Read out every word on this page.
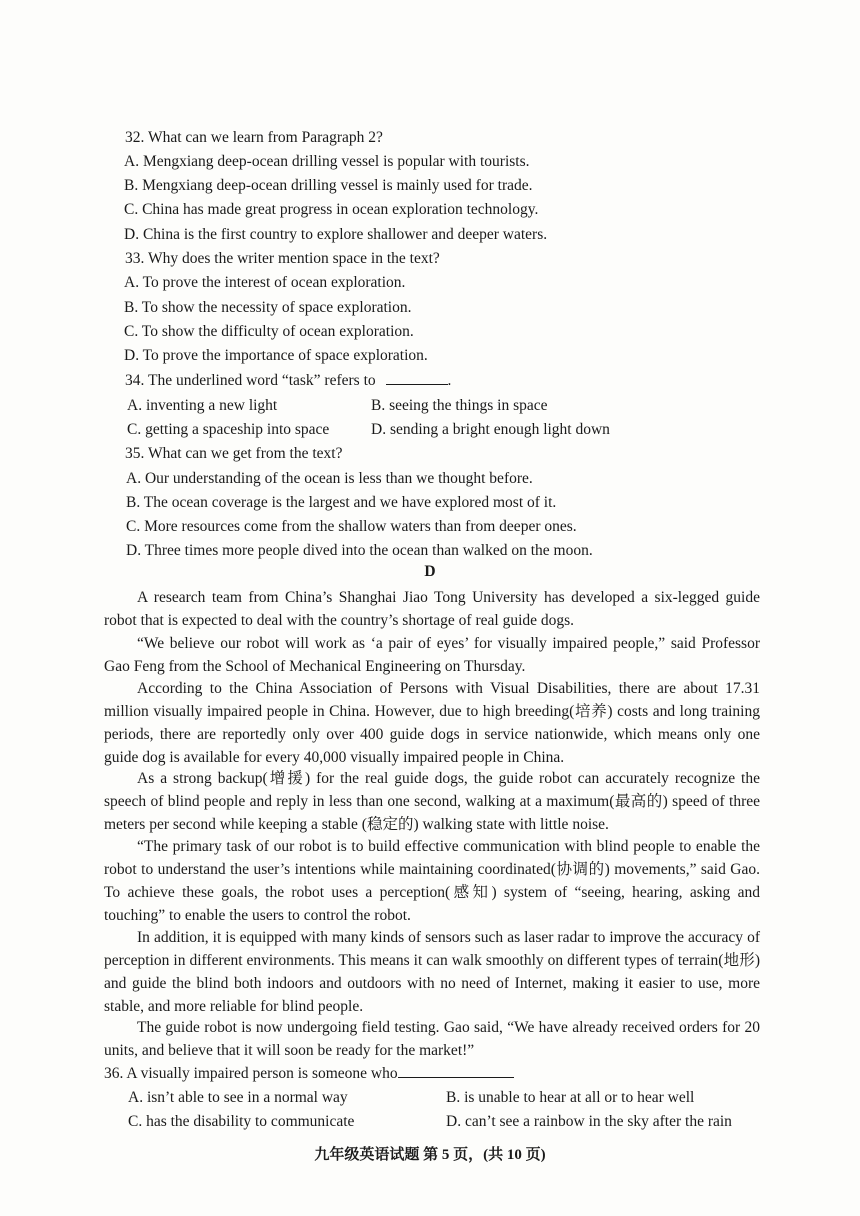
32. What can we learn from Paragraph 2?
A. Mengxiang deep-ocean drilling vessel is popular with tourists.
B. Mengxiang deep-ocean drilling vessel is mainly used for trade.
C. China has made great progress in ocean exploration technology.
D. China is the first country to explore shallower and deeper waters.
33. Why does the writer mention space in the text?
A. To prove the interest of ocean exploration.
B. To show the necessity of space exploration.
C. To show the difficulty of ocean exploration.
D. To prove the importance of space exploration.
34. The underlined word “task” refers to	.
A. inventing a new light	B. seeing the things in space
C. getting a spaceship into space	D. sending a bright enough light down
35. What can we get from the text?
A. Our understanding of the ocean is less than we thought before.
B. The ocean coverage is the largest and we have explored most of it.
C. More resources come from the shallow waters than from deeper ones.
D. Three times more people dived into the ocean than walked on the moon.
D
A research team from China’s Shanghai Jiao Tong University has developed a six-legged guide robot that is expected to deal with the country’s shortage of real guide dogs.
“We believe our robot will work as ‘a pair of eyes’ for visually impaired people,” said Professor Gao Feng from the School of Mechanical Engineering on Thursday.
According to the China Association of Persons with Visual Disabilities, there are about 17.31 million visually impaired people in China. However, due to high breeding(培养) costs and long training periods, there are reportedly only over 400 guide dogs in service nationwide, which means only one guide dog is available for every 40,000 visually impaired people in China.
As a strong backup(增援) for the real guide dogs, the guide robot can accurately recognize the speech of blind people and reply in less than one second, walking at a maximum(最高的) speed of three meters per second while keeping a stable (稳定的) walking state with little noise.
“The primary task of our robot is to build effective communication with blind people to enable the robot to understand the user’s intentions while maintaining coordinated(协调的) movements,” said Gao. To achieve these goals, the robot uses a perception(感知) system of “seeing, hearing, asking and touching” to enable the users to control the robot.
In addition, it is equipped with many kinds of sensors such as laser radar to improve the accuracy of perception in different environments. This means it can walk smoothly on different types of terrain(地形) and guide the blind both indoors and outdoors with no need of Internet, making it easier to use, more stable, and more reliable for blind people.
The guide robot is now undergoing field testing. Gao said, “We have already received orders for 20 units, and believe that it will soon be ready for the market!”
36. A visually impaired person is someone who
A. isn’t able to see in a normal way	B. is unable to hear at all or to hear well
C. has the disability to communicate	D. can’t see a rainbow in the sky after the rain
九年级英语试题 第 5 页，(共 10 页)
